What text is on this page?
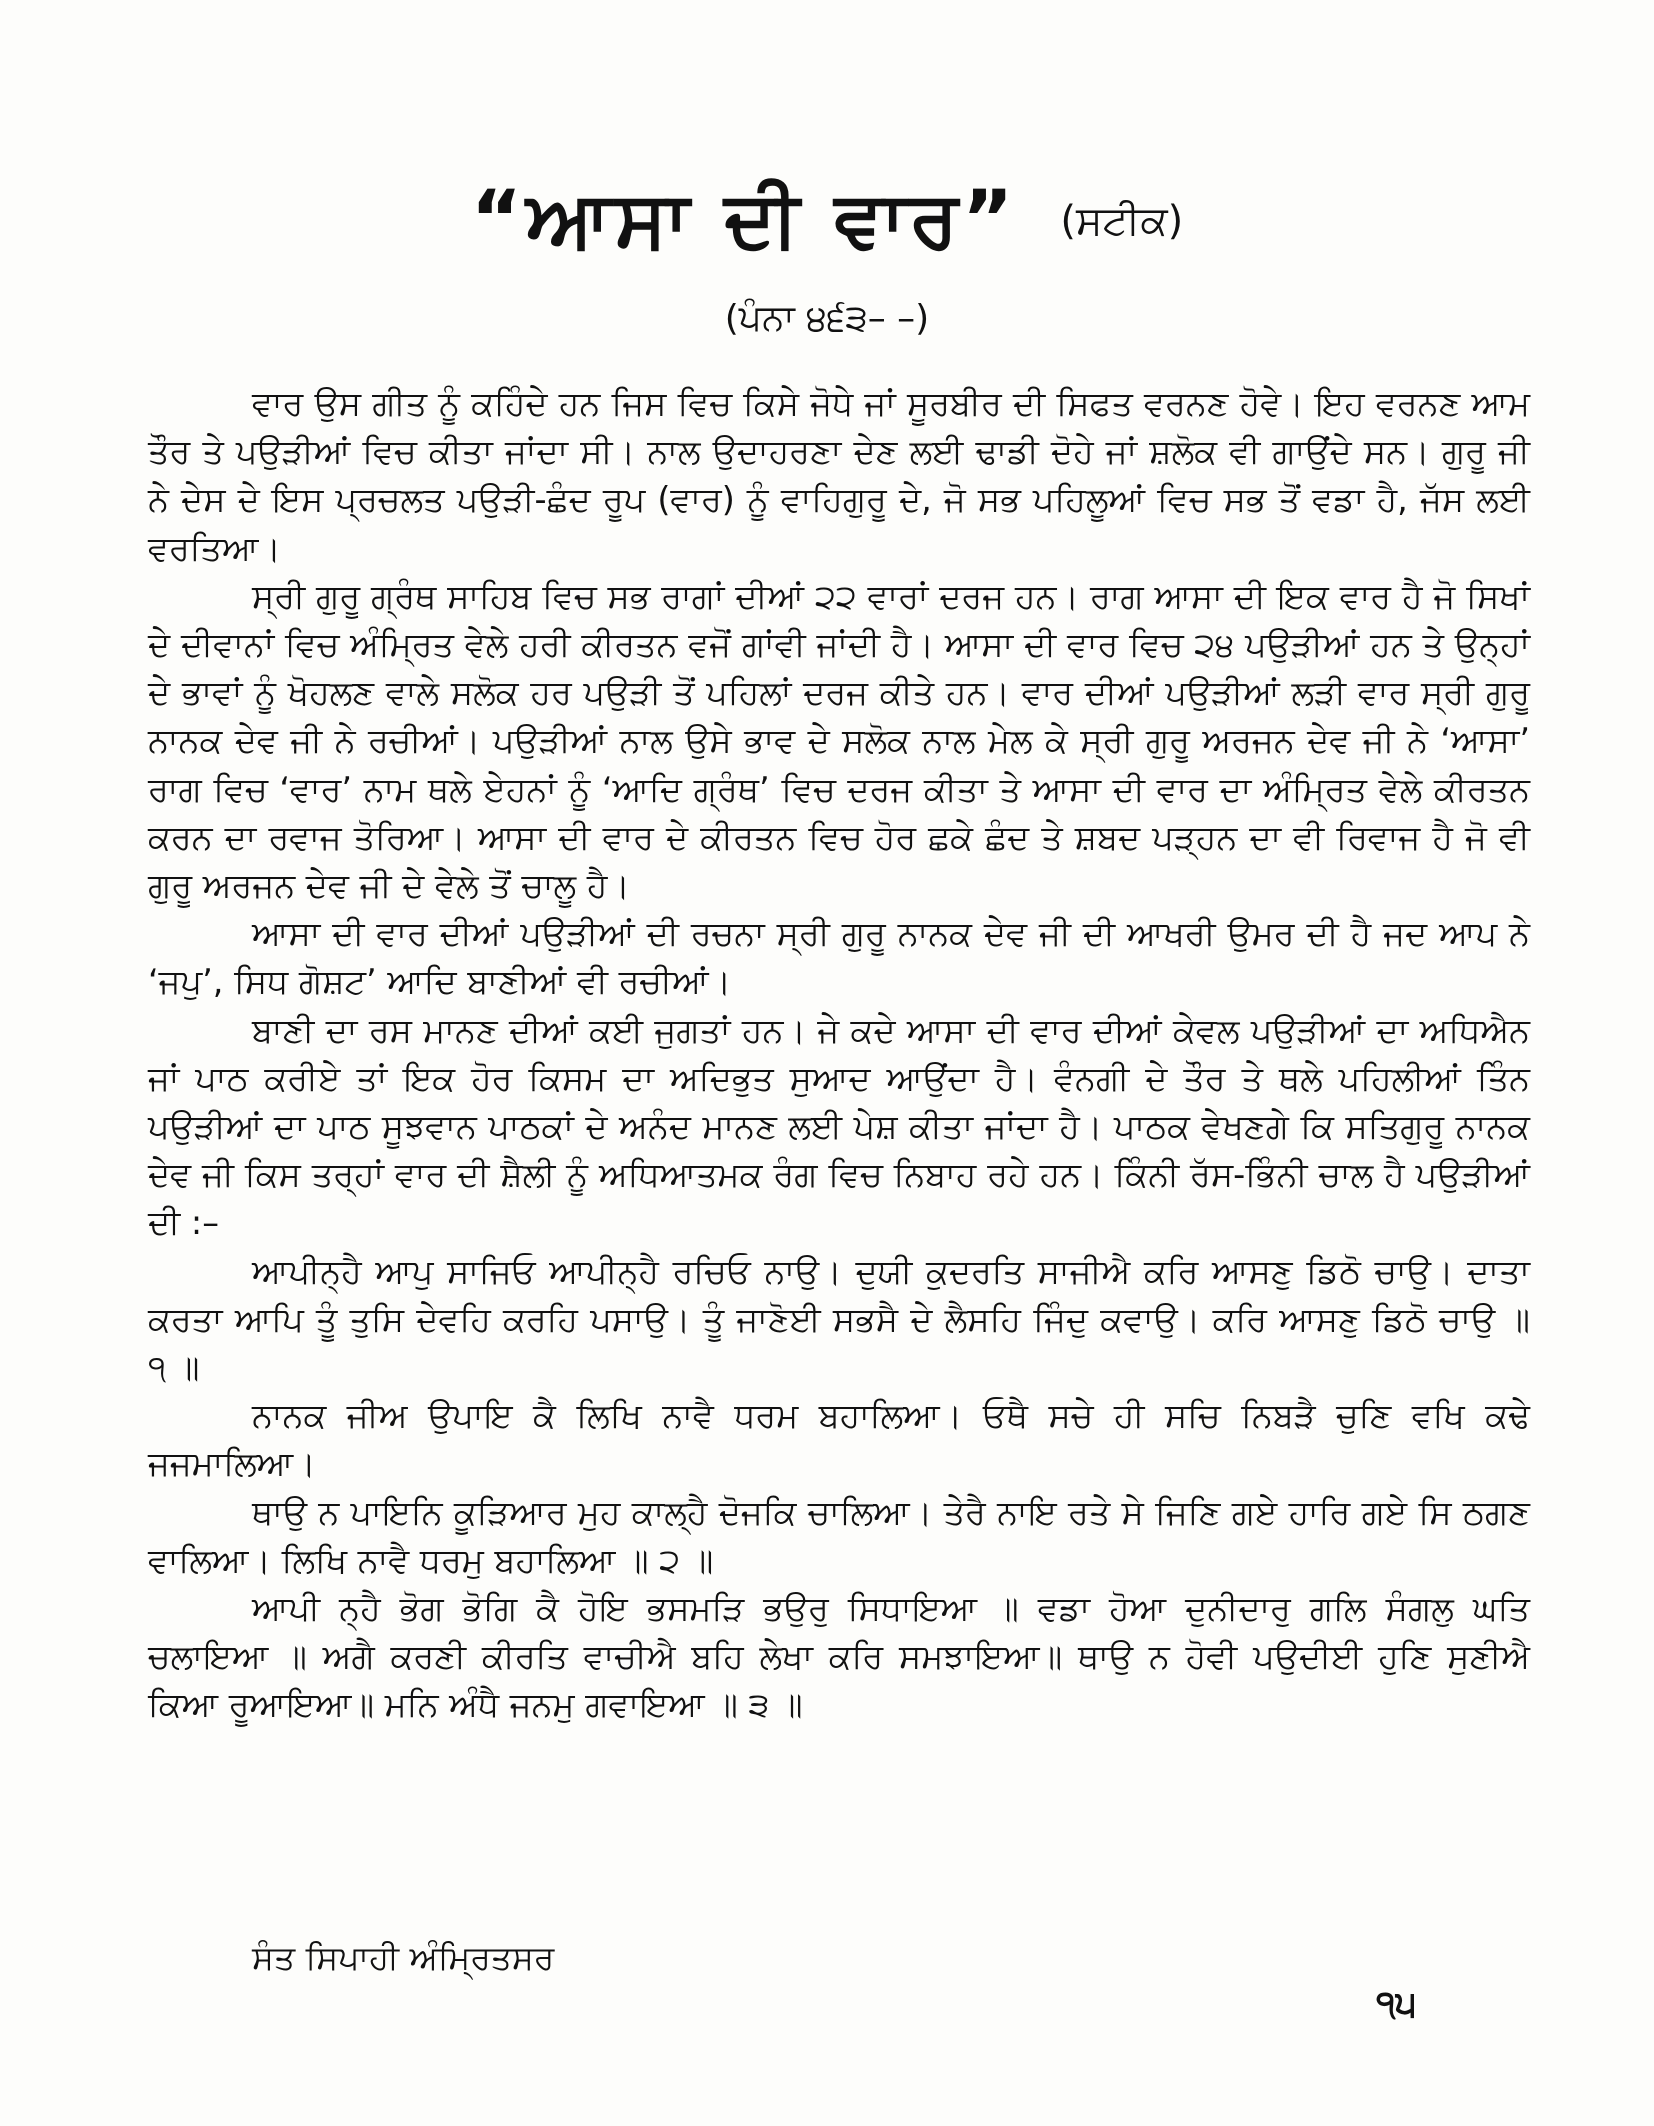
“ਆਸਾ ਦੀ ਵਾਰ” (ਸਟੀਕ)
(ਪੰਨਾ ੪੬੩– –)

ਵਾਰ ਉਸ ਗੀਤ ਨੂੰ ਕਹਿੰਦੇ ਹਨ ਜਿਸ ਵਿਚ ਕਿਸੇ ਜੋਧੇ ਜਾਂ ਸੂਰਬੀਰ ਦੀ ਸਿਫਤ ਵਰਨਣ ਹੋਵੇ। ਇਹ ਵਰਨਣ ਆਮ ਤੌਰ ਤੇ ਪਉੜੀਆਂ ਵਿਚ ਕੀਤਾ ਜਾਂਦਾ ਸੀ। ਨਾਲ ਉਦਾਹਰਣਾ ਦੇਣ ਲਈ ਢਾਡੀ ਦੋਹੇ ਜਾਂ ਸ਼ਲੋਕ ਵੀ ਗਾਉਂਦੇ ਸਨ। ਗੁਰੂ ਜੀ ਨੇ ਦੇਸ ਦੇ ਇਸ ਪ੍ਰਚਲਤ ਪਉੜੀ-ਛੰਦ ਰੂਪ (ਵਾਰ) ਨੂੰ ਵਾਹਿਗੁਰੂ ਦੇ, ਜੋ ਸਭ ਪਹਿਲੂਆਂ ਵਿਚ ਸਭ ਤੋਂ ਵਡਾ ਹੈ, ਜੱਸ ਲਈ ਵਰਤਿਆ।

ਸ੍ਰੀ ਗੁਰੂ ਗ੍ਰੰਥ ਸਾਹਿਬ ਵਿਚ ਸਭ ਰਾਗਾਂ ਦੀਆਂ ੨੨ ਵਾਰਾਂ ਦਰਜ ਹਨ। ਰਾਗ ਆਸਾ ਦੀ ਇਕ ਵਾਰ ਹੈ ਜੋ ਸਿਖਾਂ ਦੇ ਦੀਵਾਨਾਂ ਵਿਚ ਅੰਮ੍ਰਿਤ ਵੇਲੇ ਹਰੀ ਕੀਰਤਨ ਵਜੋਂ ਗਾਂਵੀ ਜਾਂਦੀ ਹੈ। ਆਸਾ ਦੀ ਵਾਰ ਵਿਚ ੨੪ ਪਉੜੀਆਂ ਹਨ ਤੇ ਉਨ੍ਹਾਂ ਦੇ ਭਾਵਾਂ ਨੂੰ ਖੋਹਲਣ ਵਾਲੇ ਸਲੋਕ ਹਰ ਪਉੜੀ ਤੋਂ ਪਹਿਲਾਂ ਦਰਜ ਕੀਤੇ ਹਨ। ਵਾਰ ਦੀਆਂ ਪਉੜੀਆਂ ਲੜੀ ਵਾਰ ਸ੍ਰੀ ਗੁਰੂ ਨਾਨਕ ਦੇਵ ਜੀ ਨੇ ਰਚੀਆਂ। ਪਉੜੀਆਂ ਨਾਲ ਉਸੇ ਭਾਵ ਦੇ ਸਲੋਕ ਨਾਲ ਮੇਲ ਕੇ ਸ੍ਰੀ ਗੁਰੂ ਅਰਜਨ ਦੇਵ ਜੀ ਨੇ ‘ਆਸਾ’ ਰਾਗ ਵਿਚ ‘ਵਾਰ’ ਨਾਮ ਥਲੇ ਏਹਨਾਂ ਨੂੰ ‘ਆਦਿ ਗ੍ਰੰਥ’ ਵਿਚ ਦਰਜ ਕੀਤਾ ਤੇ ਆਸਾ ਦੀ ਵਾਰ ਦਾ ਅੰਮ੍ਰਿਤ ਵੇਲੇ ਕੀਰਤਨ ਕਰਨ ਦਾ ਰਵਾਜ ਤੋਰਿਆ। ਆਸਾ ਦੀ ਵਾਰ ਦੇ ਕੀਰਤਨ ਵਿਚ ਹੋਰ ਛਕੇ ਛੰਦ ਤੇ ਸ਼ਬਦ ਪੜ੍ਹਨ ਦਾ ਵੀ ਰਿਵਾਜ ਹੈ ਜੋ ਵੀ ਗੁਰੂ ਅਰਜਨ ਦੇਵ ਜੀ ਦੇ ਵੇਲੇ ਤੋਂ ਚਾਲੂ ਹੈ।

ਆਸਾ ਦੀ ਵਾਰ ਦੀਆਂ ਪਉੜੀਆਂ ਦੀ ਰਚਨਾ ਸ੍ਰੀ ਗੁਰੂ ਨਾਨਕ ਦੇਵ ਜੀ ਦੀ ਆਖਰੀ ਉਮਰ ਦੀ ਹੈ ਜਦ ਆਪ ਨੇ ‘ਜਪੁ’, ਸਿਧ ਗੋਸ਼ਟ’ ਆਦਿ ਬਾਣੀਆਂ ਵੀ ਰਚੀਆਂ।

ਬਾਣੀ ਦਾ ਰਸ ਮਾਨਣ ਦੀਆਂ ਕਈ ਜੁਗਤਾਂ ਹਨ। ਜੇ ਕਦੇ ਆਸਾ ਦੀ ਵਾਰ ਦੀਆਂ ਕੇਵਲ ਪਉੜੀਆਂ ਦਾ ਅਧਿਐਨ ਜਾਂ ਪਾਠ ਕਰੀਏ ਤਾਂ ਇਕ ਹੋਰ ਕਿਸਮ ਦਾ ਅਦਿਭੁਤ ਸੁਆਦ ਆਉਂਦਾ ਹੈ। ਵੰਨਗੀ ਦੇ ਤੌਰ ਤੇ ਥਲੇ ਪਹਿਲੀਆਂ ਤਿੰਨ ਪਉੜੀਆਂ ਦਾ ਪਾਠ ਸੂਝਵਾਨ ਪਾਠਕਾਂ ਦੇ ਅਨੰਦ ਮਾਨਣ ਲਈ ਪੇਸ਼ ਕੀਤਾ ਜਾਂਦਾ ਹੈ। ਪਾਠਕ ਵੇਖਣਗੇ ਕਿ ਸਤਿਗੁਰੂ ਨਾਨਕ ਦੇਵ ਜੀ ਕਿਸ ਤਰ੍ਹਾਂ ਵਾਰ ਦੀ ਸ਼ੈਲੀ ਨੂੰ ਅਧਿਆਤਮਕ ਰੰਗ ਵਿਚ ਨਿਬਾਹ ਰਹੇ ਹਨ। ਕਿੰਨੀ ਰੱਸ-ਭਿੰਨੀ ਚਾਲ ਹੈ ਪਉੜੀਆਂ ਦੀ :–

ਆਪੀਨ੍ਹੈ ਆਪੁ ਸਾਜਿਓ ਆਪੀਨ੍ਹੈ ਰਚਿਓ ਨਾਉ। ਦੁਯੀ ਕੁਦਰਤਿ ਸਾਜੀਐ ਕਰਿ ਆਸਣੁ ਡਿਠੋ ਚਾਉ। ਦਾਤਾ ਕਰਤਾ ਆਪਿ ਤੂੰ ਤੁਸਿ ਦੇਵਹਿ ਕਰਹਿ ਪਸਾਉ। ਤੂੰ ਜਾਣੋਈ ਸਭਸੈ ਦੇ ਲੈਸਹਿ ਜਿੰਦੁ ਕਵਾਉ। ਕਰਿ ਆਸਣੁ ਡਿਠੋ ਚਾਉ ॥ ੧ ॥

ਨਾਨਕ ਜੀਅ ਉਪਾਇ ਕੈ ਲਿਖਿ ਨਾਵੈ ਧਰਮ ਬਹਾਲਿਆ। ਓਥੈ ਸਚੇ ਹੀ ਸਚਿ ਨਿਬੜੈ ਚੁਣਿ ਵਖਿ ਕਢੇ ਜਜਮਾਲਿਆ।

ਥਾਉ ਨ ਪਾਇਨਿ ਕੂੜਿਆਰ ਮੁਹ ਕਾਲ੍ਹੈ ਦੋਜਕਿ ਚਾਲਿਆ। ਤੇਰੈ ਨਾਇ ਰਤੇ ਸੇ ਜਿਣਿ ਗਏ ਹਾਰਿ ਗਏ ਸਿ ਠਗਣ ਵਾਲਿਆ। ਲਿਖਿ ਨਾਵੈ ਧਰਮੁ ਬਹਾਲਿਆ ॥ ੨ ॥

ਆਪੀ ਨ੍ਹੈ ਭੋਗ ਭੋਗਿ ਕੈ ਹੋਇ ਭਸਮੜਿ ਭਉਰੁ ਸਿਧਾਇਆ ॥ ਵਡਾ ਹੋਆ ਦੁਨੀਦਾਰੁ ਗਲਿ ਸੰਗਲੁ ਘਤਿ ਚਲਾਇਆ ॥ ਅਗੈ ਕਰਣੀ ਕੀਰਤਿ ਵਾਚੀਐ ਬਹਿ ਲੇਖਾ ਕਰਿ ਸਮਝਾਇਆ॥ ਥਾਉ ਨ ਹੋਵੀ ਪਉਦੀਈ ਹੁਣਿ ਸੁਣੀਐ ਕਿਆ ਰੂਆਇਆ॥ ਮਨਿ ਅੰਧੈ ਜਨਮੁ ਗਵਾਇਆ ॥ ੩ ॥

ਸੰਤ ਸਿਪਾਹੀ ਅੰਮ੍ਰਿਤਸਰ
੧੫
